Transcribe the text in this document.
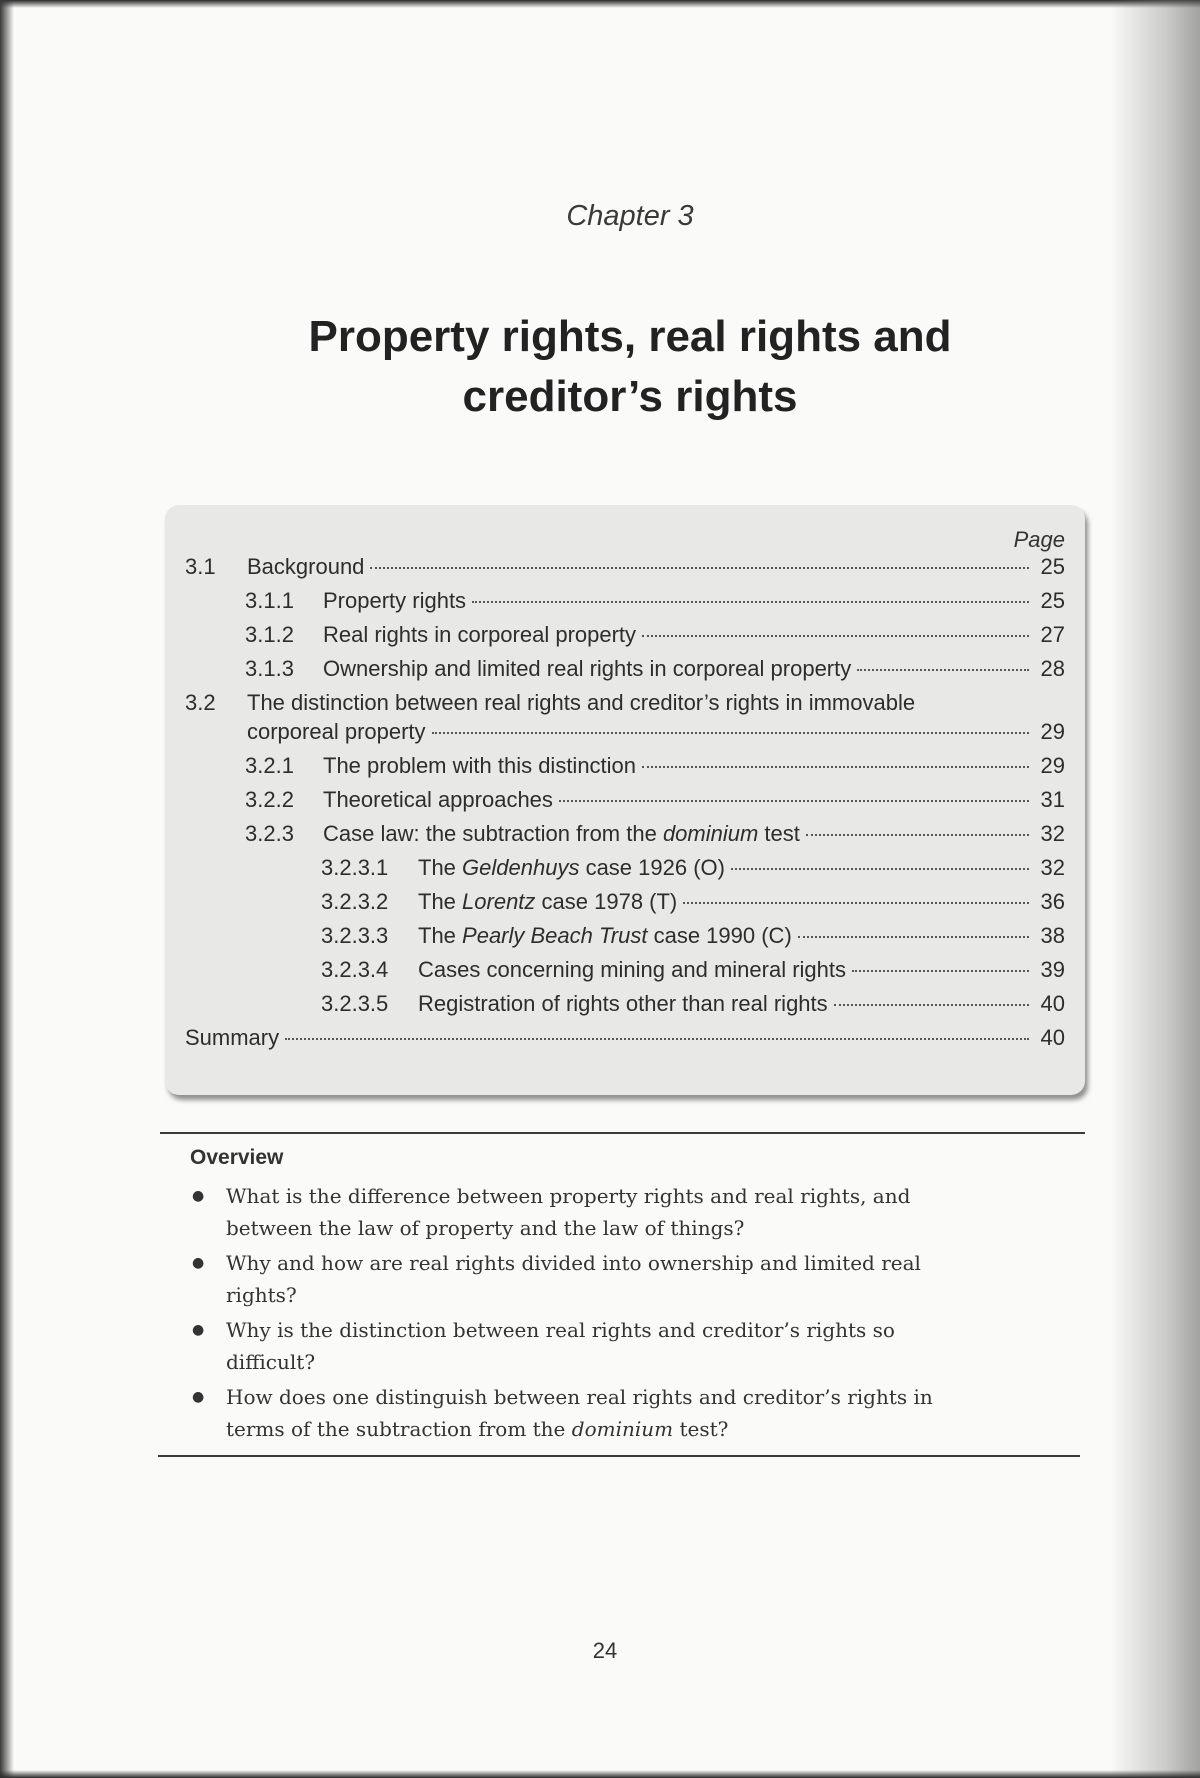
Chapter 3
Property rights, real rights and
creditor’s rights
Page
3.1	Background	25
3.1.1	Property rights	25
3.1.2	Real rights in corporeal property	27
3.1.3	Ownership and limited real rights in corporeal property	28
3.2 The distinction between real rights and creditor’s rights in immovable
corporeal property	29
3.2.1	The problem with this distinction	29
3.2.2	Theoretical approaches	31
3.2.3	Case law: the subtraction from the dominium test	32
3.2.3.1	The Geldenhuys case 1926 (O)	32
3.2.3.2	The Lorentz case 1978 (T)	36
3.2.3.3	The Pearly Beach Trust case 1990 (C)	38
3.2.3.4	Cases concerning mining and mineral rights	39
3.2.3.5	Registration of rights other than real rights	40
Summary	40
Overview
● What is the difference between property rights and real rights, and
between the law of property and the law of things?
● Why and how are real rights divided into ownership and limited real
rights?
● Why is the distinction between real rights and creditor’s rights so
difficult?
● How does one distinguish between real rights and creditor’s rights in
terms of the subtraction from the dominium test?
24
